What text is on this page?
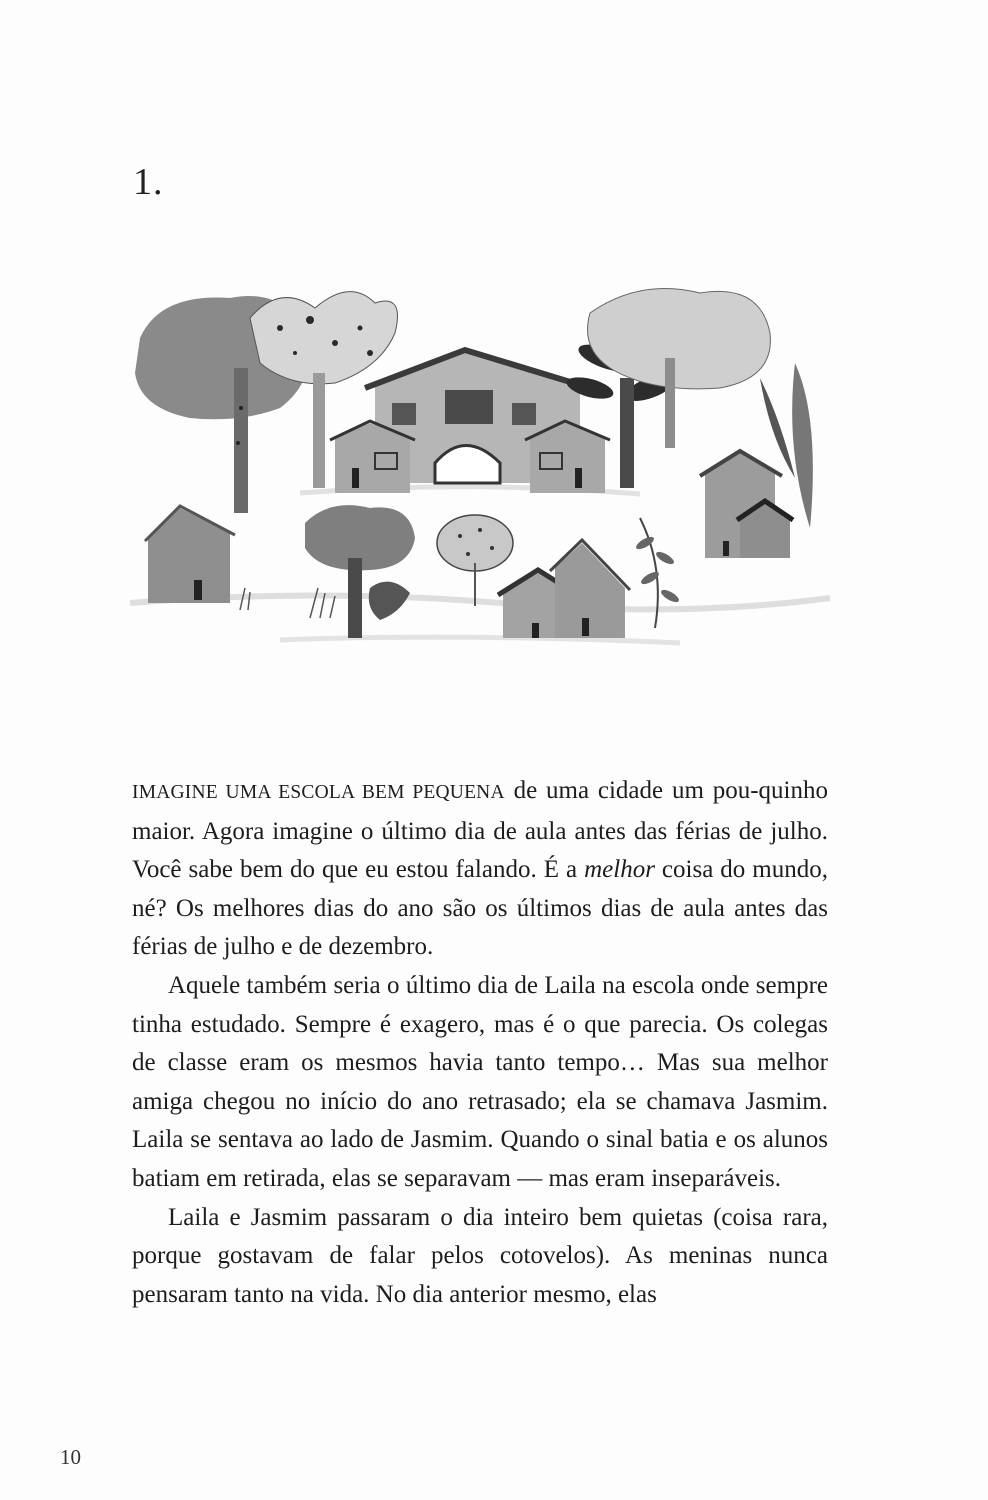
1.

IMAGINE UMA ESCOLA BEM PEQUENA de uma cidade um pou-quinho maior. Agora imagine o último dia de aula antes das férias de julho. Você sabe bem do que eu estou falando. É a melhor coisa do mundo, né? Os melhores dias do ano são os últimos dias de aula antes das férias de julho e de dezembro.

Aquele também seria o último dia de Laila na escola onde sempre tinha estudado. Sempre é exagero, mas é o que parecia. Os colegas de classe eram os mesmos havia tanto tempo… Mas sua melhor amiga chegou no início do ano retrasado; ela se chamava Jasmim. Laila se sentava ao lado de Jasmim. Quando o sinal batia e os alunos batiam em retirada, elas se separavam — mas eram inseparáveis.

Laila e Jasmim passaram o dia inteiro bem quietas (coisa rara, porque gostavam de falar pelos cotovelos). As meninas nunca pensaram tanto na vida. No dia anterior mesmo, elas

10
